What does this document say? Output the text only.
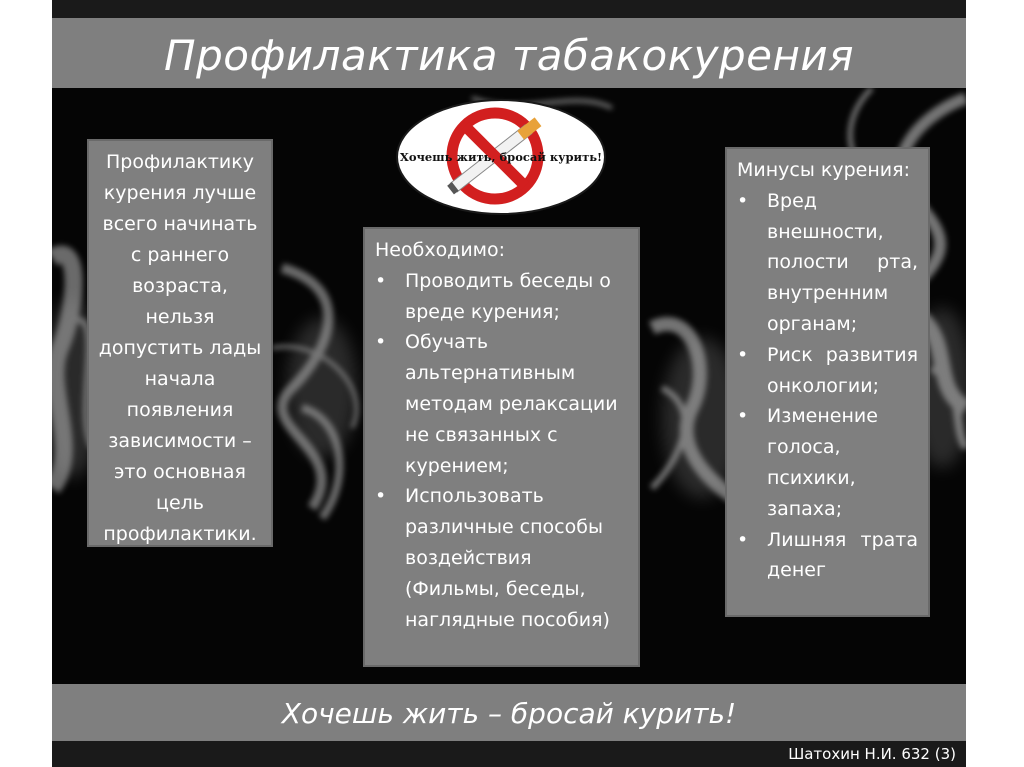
Профилактика табакокурения
Хочешь жить, бросай курить!
Профилактику курения лучше всего начинать с раннего возраста, нельзя допустить лады начала появления зависимости – это основная цель профилактики.
Необходимо:
• Проводить беседы о вреде курения;
• Обучать альтернативным методам релаксации не связанных с курением;
• Использовать различные способы воздействия (Фильмы, беседы, наглядные пособия)
Минусы курения:
• Вред внешности, полости рта, внутренним органам;
• Риск развития онкологии;
• Изменение голоса, психики, запаха;
• Лишняя трата денег
Хочешь жить – бросай курить!
Шатохин Н.И. 632 (3)
